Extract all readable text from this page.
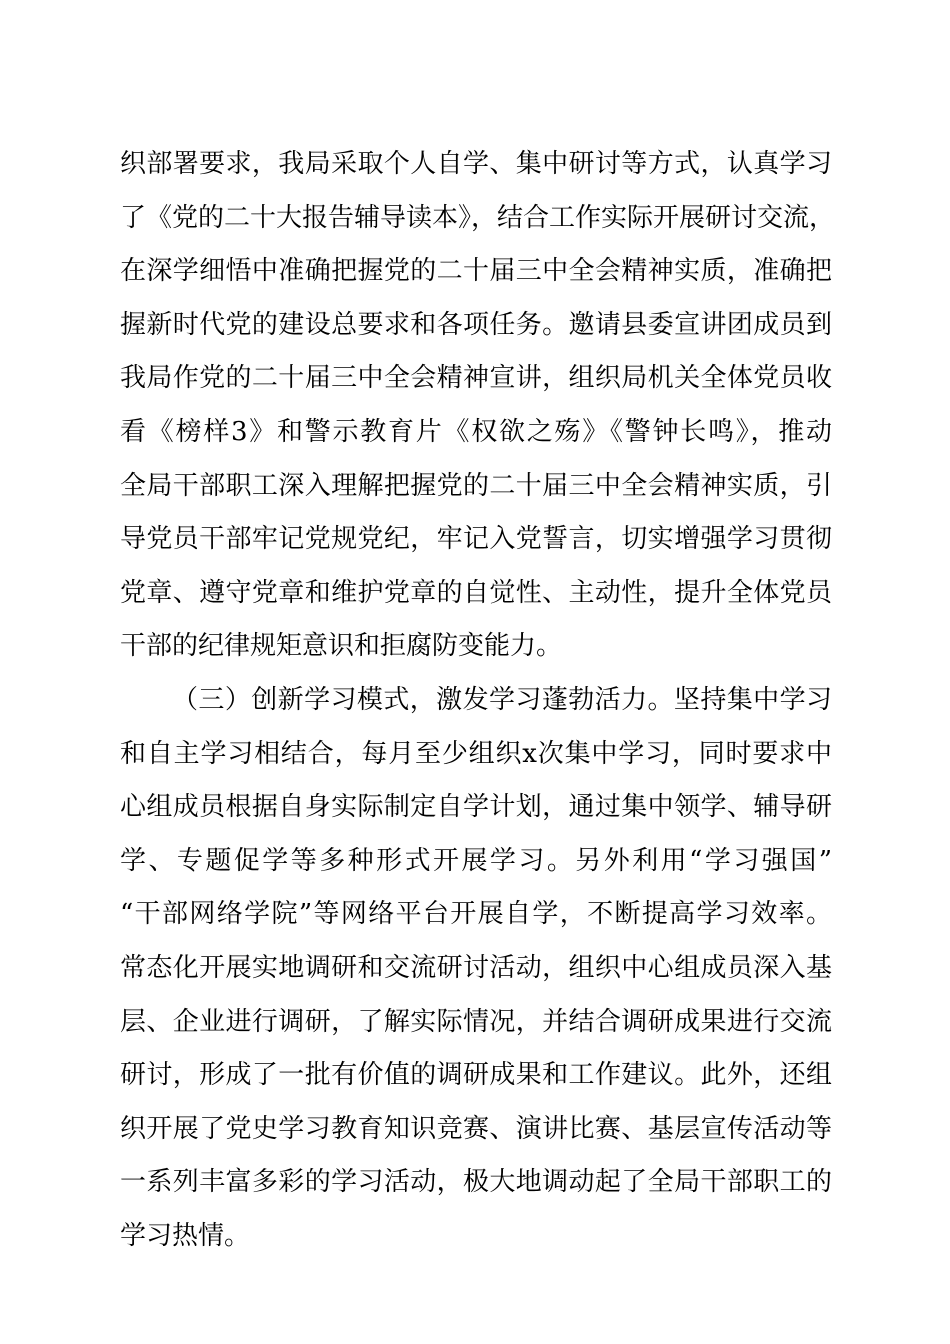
织部署要求，我局采取个人自学、集中研讨等方式，认真学习
了《党的二十大报告辅导读本》，结合工作实际开展研讨交流，
在深学细悟中准确把握党的二十届三中全会精神实质，准确把
握新时代党的建设总要求和各项任务。邀请县委宣讲团成员到
我局作党的二十届三中全会精神宣讲，组织局机关全体党员收
看《榜样3》和警示教育片《权欲之殇》《警钟长鸣》，推动
全局干部职工深入理解把握党的二十届三中全会精神实质，引
导党员干部牢记党规党纪，牢记入党誓言，切实增强学习贯彻
党章、遵守党章和维护党章的自觉性、主动性，提升全体党员
干部的纪律规矩意识和拒腐防变能力。
（三）创新学习模式，激发学习蓬勃活力。坚持集中学习
和自主学习相结合，每月至少组织x次集中学习，同时要求中
心组成员根据自身实际制定自学计划，通过集中领学、辅导研
学、专题促学等多种形式开展学习。另外利用“学习强国”
“干部网络学院”等网络平台开展自学，不断提高学习效率。
常态化开展实地调研和交流研讨活动，组织中心组成员深入基
层、企业进行调研，了解实际情况，并结合调研成果进行交流
研讨，形成了一批有价值的调研成果和工作建议。此外，还组
织开展了党史学习教育知识竞赛、演讲比赛、基层宣传活动等
一系列丰富多彩的学习活动，极大地调动起了全局干部职工的
学习热情。
